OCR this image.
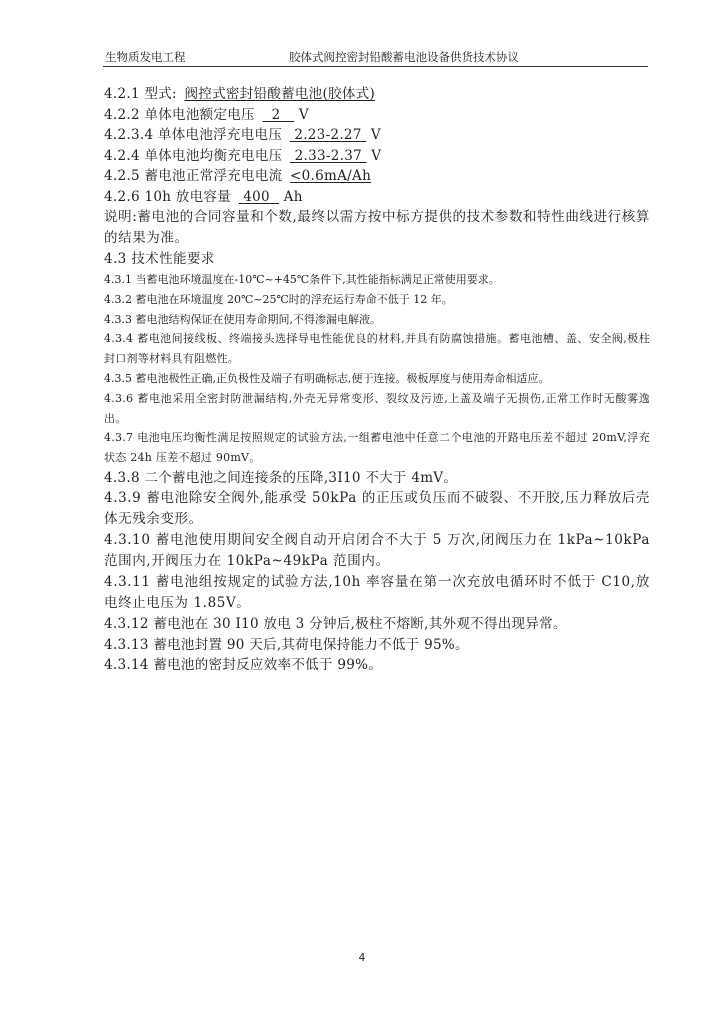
生物质发电工程	胶体式阀控密封铅酸蓄电池设备供货技术协议
4.2.1 型式: 阀控式密封铅酸蓄电池(胶体式)
4.2.2 单体电池额定电压 2 V
4.2.3.4 单体电池浮充电电压 2.23-2.27 V
4.2.4 单体电池均衡充电电压 2.33-2.37 V
4.2.5 蓄电池正常浮充电电流 <0.6mA/Ah
4.2.6 10h 放电容量 400 Ah
说明:蓄电池的合同容量和个数,最终以需方按中标方提供的技术参数和特性曲线进行核算的结果为准。
4.3 技术性能要求
4.3.1 当蓄电池环境温度在-10℃~+45℃条件下,其性能指标满足正常使用要求。
4.3.2 蓄电池在环境温度 20℃~25℃时的浮充运行寿命不低于 12 年。
4.3.3 蓄电池结构保证在使用寿命期间,不得渗漏电解液。
4.3.4 蓄电池间接线板、终端接头选择导电性能优良的材料,并具有防腐蚀措施。蓄电池槽、盖、安全阀,极柱封口剂等材料具有阻燃性。
4.3.5 蓄电池极性正确,正负极性及端子有明确标志,便于连接。极板厚度与使用寿命相适应。
4.3.6 蓄电池采用全密封防泄漏结构,外壳无异常变形、裂纹及污迹,上盖及端子无损伤,正常工作时无酸雾逸出。
4.3.7 电池电压均衡性满足按照规定的试验方法,一组蓄电池中任意二个电池的开路电压差不超过 20mV,浮充状态 24h 压差不超过 90mV。
4.3.8 二个蓄电池之间连接条的压降,3I10 不大于 4mV。
4.3.9 蓄电池除安全阀外,能承受 50kPa 的正压或负压而不破裂、不开胶,压力释放后壳体无残余变形。
4.3.10 蓄电池使用期间安全阀自动开启闭合不大于 5 万次,闭阀压力在 1kPa~10kPa 范围内,开阀压力在 10kPa~49kPa 范围内。
4.3.11 蓄电池组按规定的试验方法,10h 率容量在第一次充放电循环时不低于 C10,放电终止电压为 1.85V。
4.3.12 蓄电池在 30 I10 放电 3 分钟后,极柱不熔断,其外观不得出现异常。
4.3.13 蓄电池封置 90 天后,其荷电保持能力不低于 95%。
4.3.14 蓄电池的密封反应效率不低于 99%。
4
